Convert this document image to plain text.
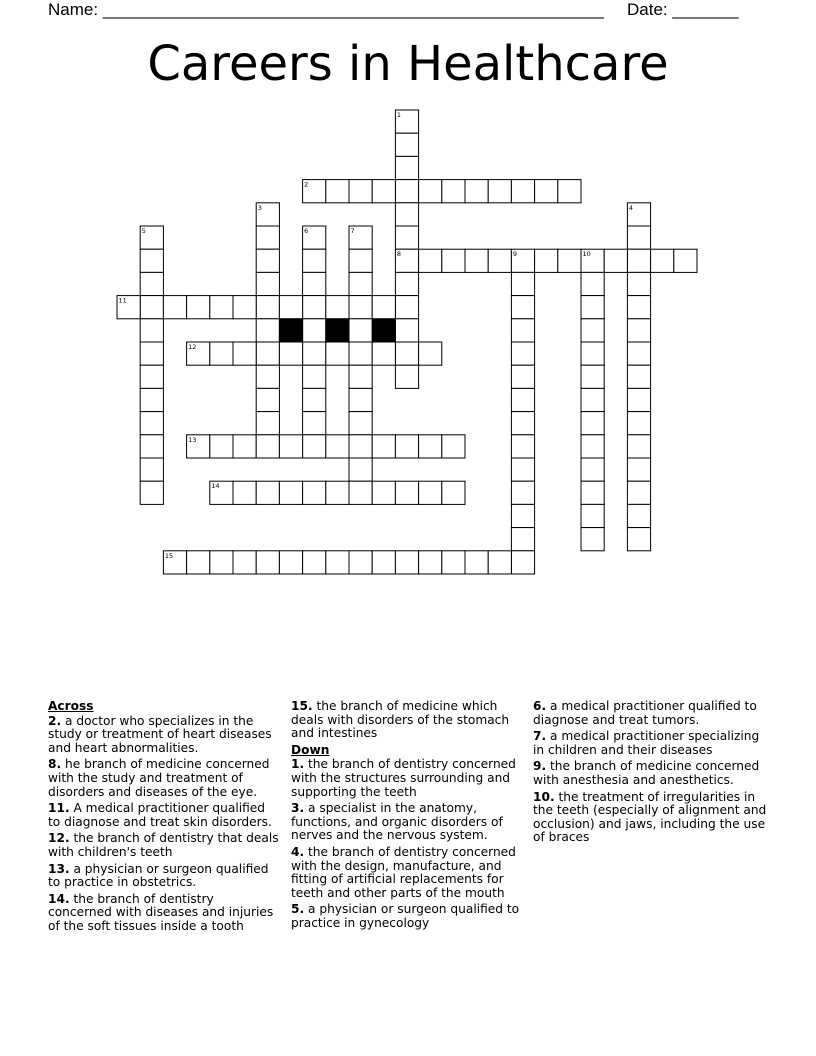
Name: _____________________________________________________ Date: _______
Careers in Healthcare
1
8
2
3	4
5	6	7
9	10
11
12
13
14
15
Across
2. a doctor who specializes in the study or treatment of heart diseases and heart abnormalities.
8. he branch of medicine concerned with the study and treatment of disorders and diseases of the eye.
11. A medical practitioner qualified to diagnose and treat skin disorders.
12. the branch of dentistry that deals with children's teeth
13. a physician or surgeon qualified to practice in obstetrics.
14. the branch of dentistry concerned with diseases and injuries of the soft tissues inside a tooth
15. the branch of medicine which deals with disorders of the stomach and intestines
Down
1. the branch of dentistry concerned with the structures surrounding and supporting the teeth
3. a specialist in the anatomy, functions, and organic disorders of nerves and the nervous system.
4. the branch of dentistry concerned with the design, manufacture, and fitting of artificial replacements for teeth and other parts of the mouth
5. a physician or surgeon qualified to practice in gynecology
6. a medical practitioner qualified to diagnose and treat tumors.
7. a medical practitioner specializing in children and their diseases
9. the branch of medicine concerned with anesthesia and anesthetics.
10. the treatment of irregularities in the teeth (especially of alignment and occlusion) and jaws, including the use of braces
